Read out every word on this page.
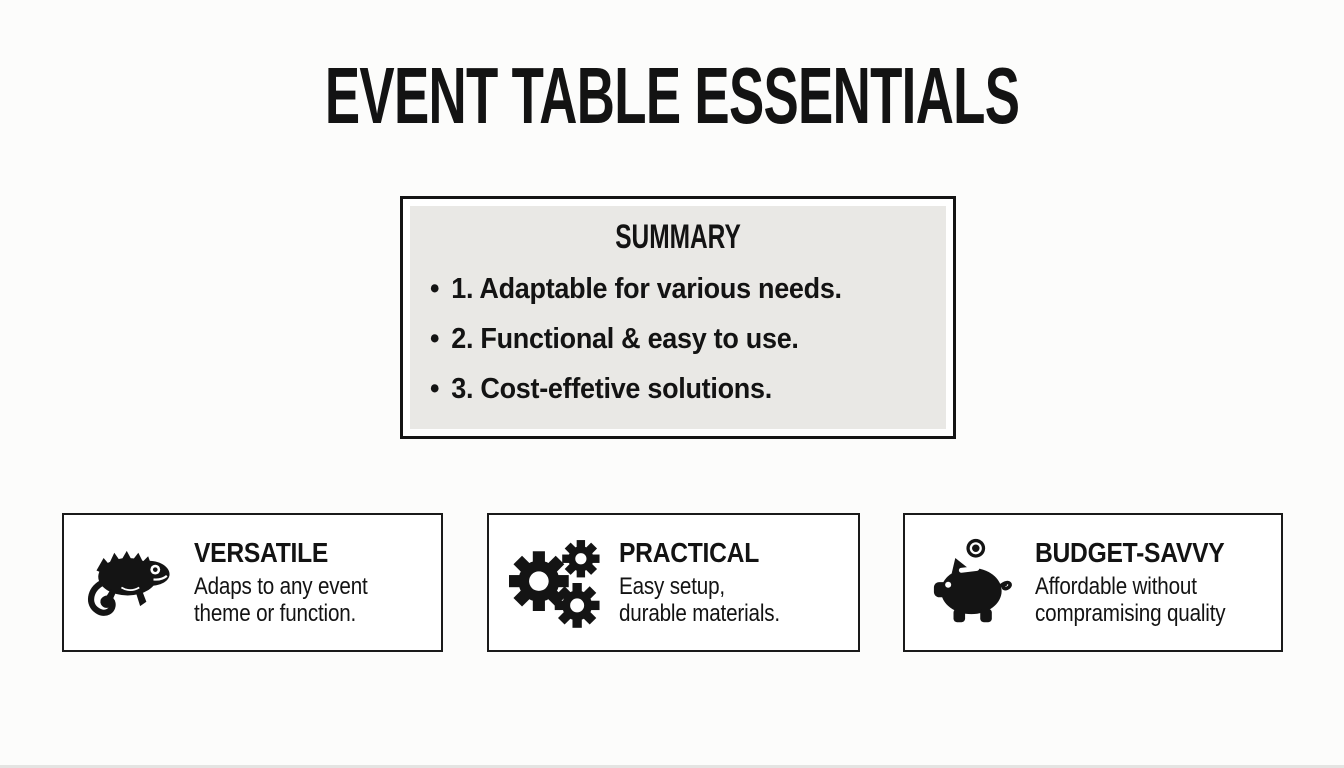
EVENT TABLE ESSENTIALS
SUMMARY
• 1. Adaptable for various needs.
• 2. Functional & easy to use.
• 3. Cost-effetive solutions.
VERSATILE
Adaps to any event
theme or function.
PRACTICAL
Easy setup,
durable materials.
BUDGET-SAVVY
Affordable without
compramising quality
